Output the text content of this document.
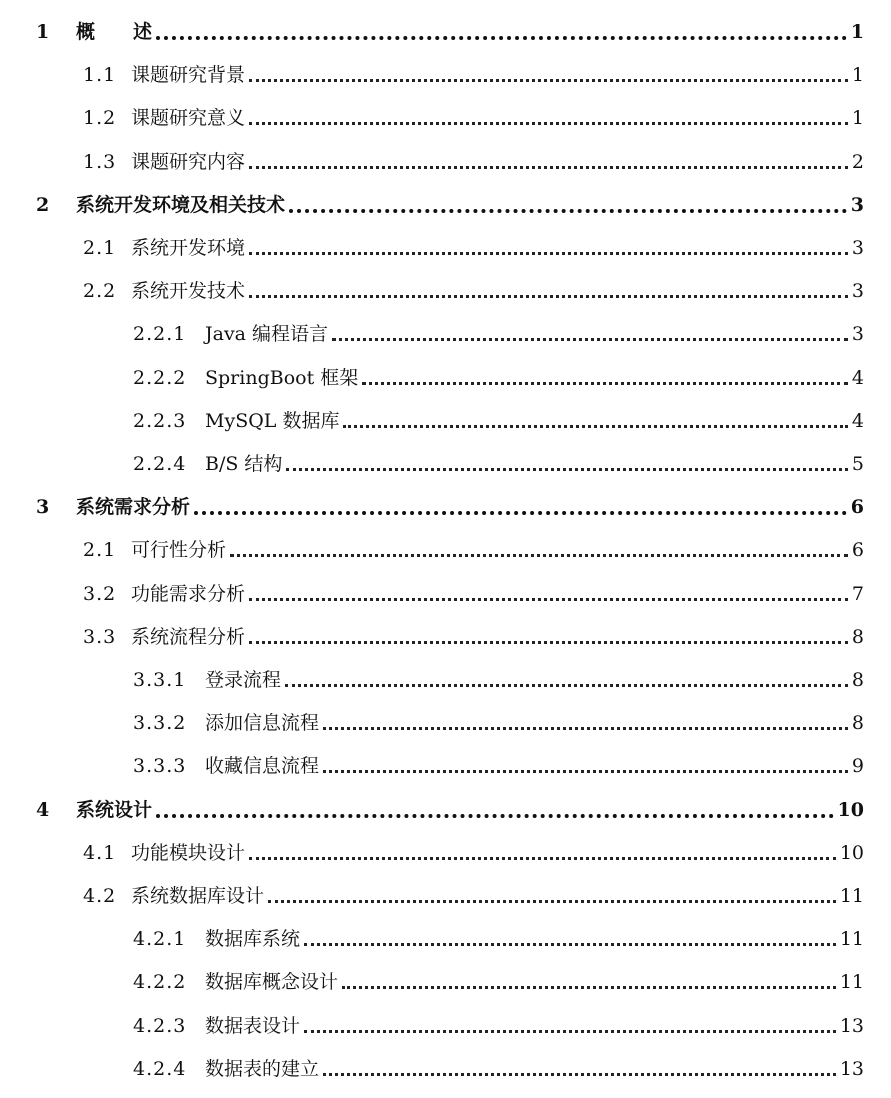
1	概　　述	1
1.1 课题研究背景	1
1.2 课题研究意义	1
1.3 课题研究内容	2
2	系统开发环境及相关技术	3
2.1 系统开发环境	3
2.2 系统开发技术	3
2.2.1 Java 编程语言	3
2.2.2 SpringBoot 框架	4
2.2.3 MySQL 数据库	4
2.2.4 B/S 结构	5
3	系统需求分析	6
2.1 可行性分析	6
3.2 功能需求分析	7
3.3 系统流程分析	8
3.3.1 登录流程	8
3.3.2 添加信息流程	8
3.3.3 收藏信息流程	9
4	系统设计	10
4.1 功能模块设计	10
4.2 系统数据库设计	11
4.2.1 数据库系统	11
4.2.2 数据库概念设计	11
4.2.3 数据表设计	13
4.2.4 数据表的建立	13
